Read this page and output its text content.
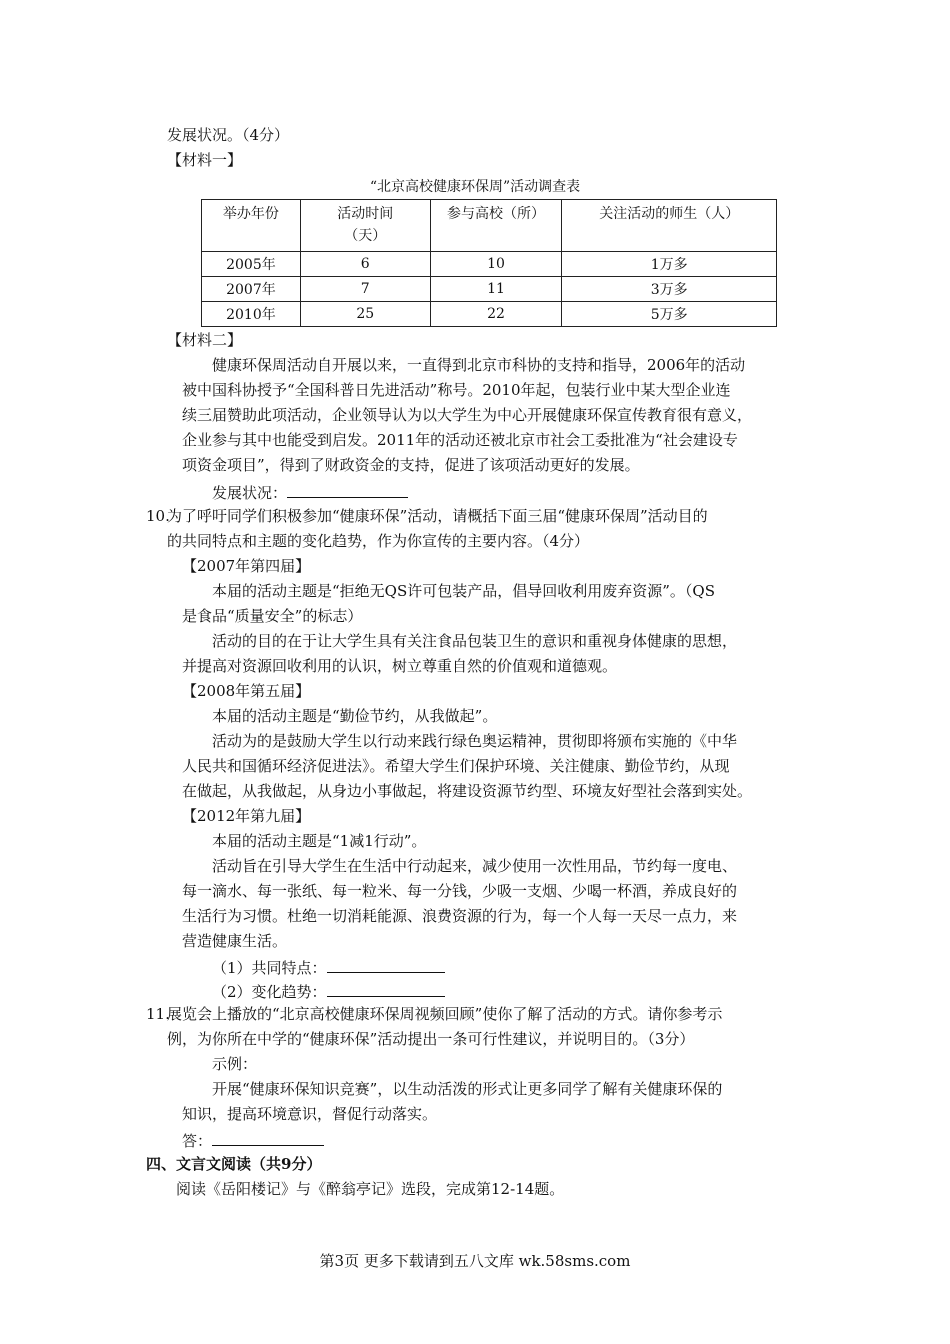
发展状况。（4分）
【材料一】
“北京高校健康环保周”活动调查表
举办年份	活动时间（天）	参与高校（所）	关注活动的师生（人）
2005年	6	10	1万多
2007年	7	11	3万多
2010年	25	22	5万多
【材料二】
健康环保周活动自开展以来，一直得到北京市科协的支持和指导，2006年的活动
被中国科协授予“全国科普日先进活动”称号。2010年起，包装行业中某大型企业连
续三届赞助此项活动，企业领导认为以大学生为中心开展健康环保宣传教育很有意义，
企业参与其中也能受到启发。2011年的活动还被北京市社会工委批准为“社会建设专
项资金项目”，得到了财政资金的支持，促进了该项活动更好的发展。
发展状况：
10.
为了呼吁同学们积极参加“健康环保”活动，请概括下面三届“健康环保周”活动目的
的共同特点和主题的变化趋势，作为你宣传的主要内容。（4分）
【2007年第四届】
本届的活动主题是“拒绝无QS许可包装产品，倡导回收利用废弃资源”。（QS
是食品“质量安全”的标志）
活动的目的在于让大学生具有关注食品包装卫生的意识和重视身体健康的思想，
并提高对资源回收利用的认识，树立尊重自然的价值观和道德观。
【2008年第五届】
本届的活动主题是“勤俭节约，从我做起”。
活动为的是鼓励大学生以行动来践行绿色奥运精神，贯彻即将颁布实施的《中华
人民共和国循环经济促进法》。希望大学生们保护环境、关注健康、勤俭节约，从现
在做起，从我做起，从身边小事做起，将建设资源节约型、环境友好型社会落到实处。
【2012年第九届】
本届的活动主题是“1减1行动”。
活动旨在引导大学生在生活中行动起来，减少使用一次性用品，节约每一度电、
每一滴水、每一张纸、每一粒米、每一分钱，少吸一支烟、少喝一杯酒，养成良好的
生活行为习惯。杜绝一切消耗能源、浪费资源的行为，每一个人每一天尽一点力，来
营造健康生活。
（1）共同特点：
（2）变化趋势：
11.
展览会上播放的“北京高校健康环保周视频回顾”使你了解了活动的方式。请你参考示
例，为你所在中学的“健康环保”活动提出一条可行性建议，并说明目的。（3分）
示例：
开展“健康环保知识竞赛”，以生动活泼的形式让更多同学了解有关健康环保的
知识，提高环境意识，督促行动落实。
答：
四、文言文阅读（共9分）
阅读《岳阳楼记》与《醉翁亭记》选段，完成第12-14题。
第3页 更多下载请到五八文库 wk.58sms.com
